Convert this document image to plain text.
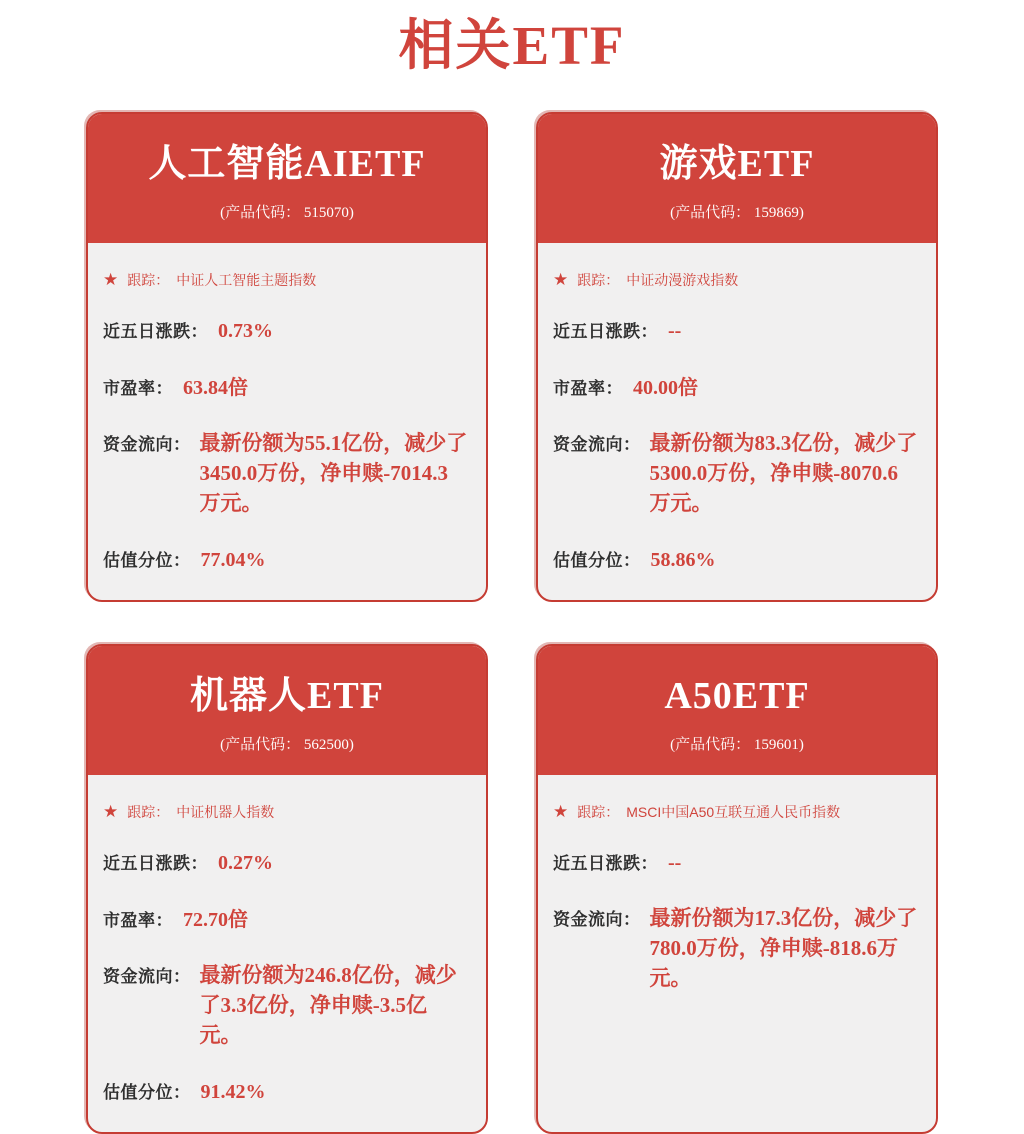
相关ETF
人工智能AIETF
(产品代码： 515070)
★ 跟踪： 中证人工智能主题指数
近五日涨跌： 0.73%
市盈率： 63.84倍
资金流向： 最新份额为55.1亿份，减少了3450.0万份，净申赎-7014.3万元。
估值分位： 77.04%
游戏ETF
(产品代码： 159869)
★ 跟踪： 中证动漫游戏指数
近五日涨跌： --
市盈率： 40.00倍
资金流向： 最新份额为83.3亿份，减少了5300.0万份，净申赎-8070.6万元。
估值分位： 58.86%
机器人ETF
(产品代码： 562500)
★ 跟踪： 中证机器人指数
近五日涨跌： 0.27%
市盈率： 72.70倍
资金流向： 最新份额为246.8亿份，减少了3.3亿份，净申赎-3.5亿元。
估值分位： 91.42%
A50ETF
(产品代码： 159601)
★ 跟踪： MSCI中国A50互联互通人民币指数
近五日涨跌： --
资金流向： 最新份额为17.3亿份，减少了780.0万份，净申赎-818.6万元。
